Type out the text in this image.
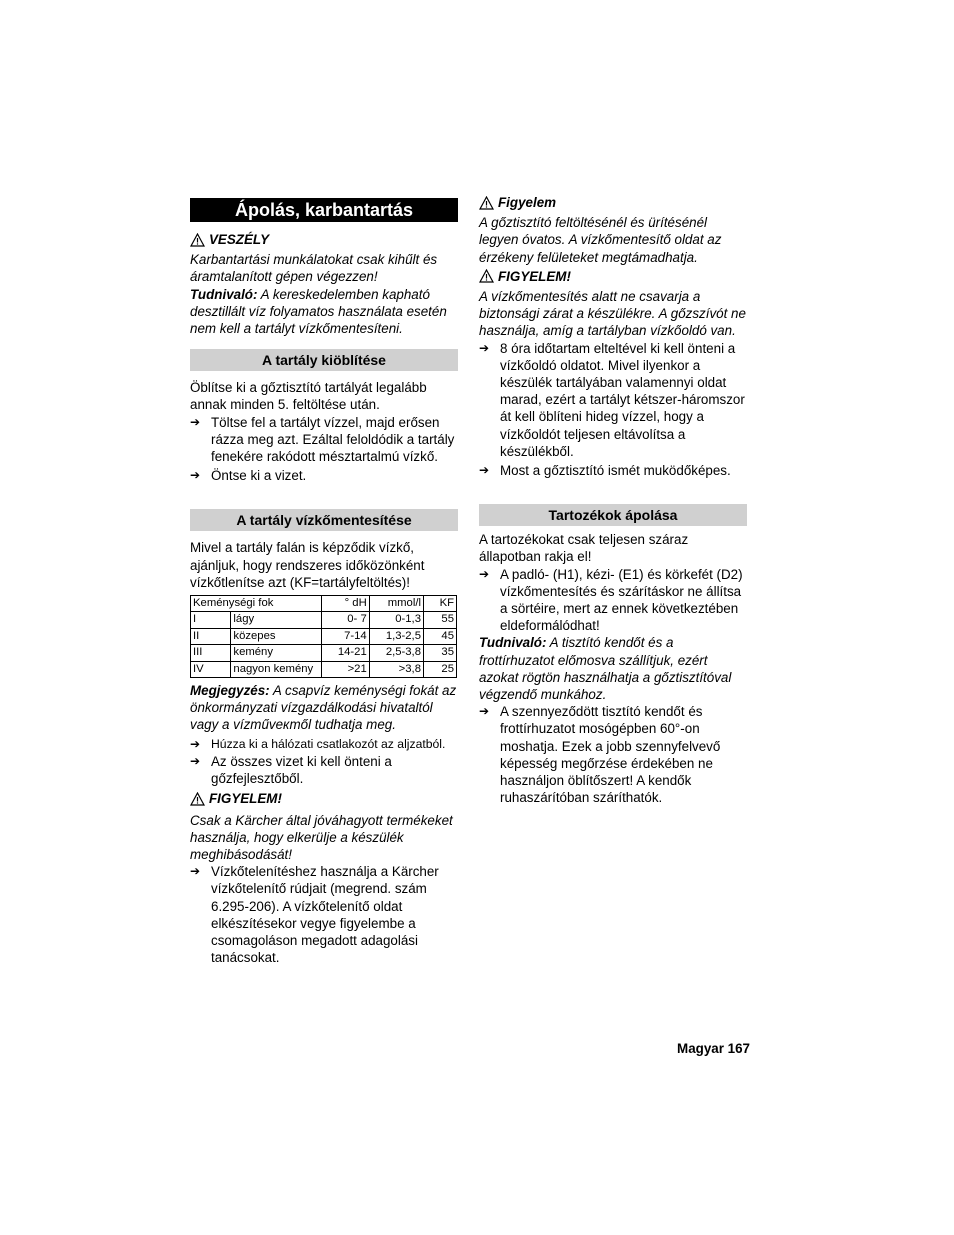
Ápolás, karbantartás
VESZÉLY

Karbantartási munkálatokat csak kihűlt és áramtalanított gépen végezzen!

Tudnivaló: A kereskedelemben kapható desztillált víz folyamatos használata esetén nem kell a tartályt vízkőmentesíteni.

A tartály kiöblítése

Öblítse ki a gőztisztító tartályát legalább annak minden 5. feltöltése után.

➔ Töltse fel a tartályt vízzel, majd erősen rázza meg azt. Ezáltal feloldódik a tartály fenekére rakódott mésztartalmú vízkő.
➔ Öntse ki a vizet.
A tartály vízkőmentesítése

Mivel a tartály falán is képződik vízkő, ajánljuk, hogy rendszeres időközönként vízkőtlenítse azt (KF=tartályfeltöltés)!

Keménységi fok		° dH	mmol/l	KF
I	lágy	0- 7	0-1,3	55
II	közepes	7-14	1,3-2,5	45
III	kemény	14-21	2,5-3,8	35
IV	nagyon kemény	>21	>3,8	25

Megjegyzés: A csapvíz keménységi fokát az önkormányzati vízgazdálkodási hivataltól vagy a vízműveктől tudhatja meg.

➔ Húzza ki a hálózati csatlakozót az aljzatból.
➔ Az összes vizet ki kell önteni a gőzfejlesztőből.
FIGYELEM!

Csak a Kärcher által jóváhagyott termékeket használja, hogy elkerülje a készülék meghibásodását!

➔ Vízkőtelenítéshez használja a Kärcher vízkőtelenítő rúdjait (megrend. szám 6.295-206). A vízkőtelenítő oldat elkészítésekor vegye figyelembe a csomagoláson megadott adagolási tanácsokat.
Figyelem

A gőztisztító feltöltésénél és ürítésénél legyen óvatos. A vízkőmentesítő oldat az érzékeny felületeket megtámadhatja.

FIGYELEM!

A vízkőmentesítés alatt ne csavarja a biztonsági zárat a készülékre. A gőzszívót ne használja, amíg a tartályban vízkőoldó van.

➔ 8 óra időtartam elteltével ki kell önteni a vízkőoldó oldatot. Mivel ilyenkor a készülék tartályában valamennyi oldat marad, ezért a tartályt kétszer-háromszor át kell öblíteni hideg vízzel, hogy a vízkőoldót teljesen eltávolítsa a készülékből.
➔ Most a gőztisztító ismét muködőképes.
Tartozékok ápolása

A tartozékokat csak teljesen száraz állapotban rakja el!

➔ A padló- (H1), kézi- (E1) és körkefét (D2) vízkőmentesítés és szárításkor ne állítsa a sörtéire, mert az ennek következtében eldeformálódhat!

Tudnivaló: A tisztító kendőt és a frottírhuzatot előmosva szállítjuk, ezért azokat rögtön használhatja a gőztisztítóval végzendő munkához.

➔ A szennyeződött tisztító kendőt és frottírhuzatot mosógépben 60°-on moshatja. Ezek a jobb szennyfelvevő képesség megőrzése érdekében ne használjon öblítőszert! A kendők ruhaszárítóban száríthatók.
Magyar 167
